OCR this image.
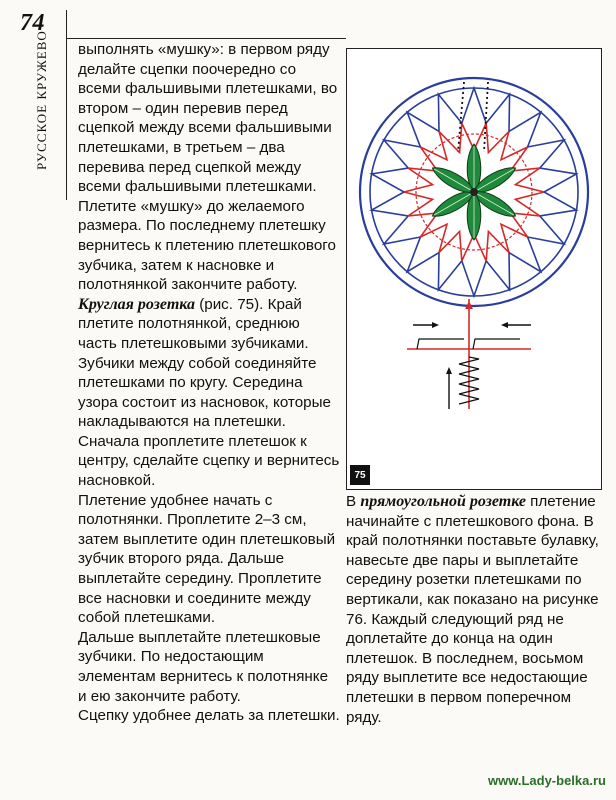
74
РУССКОЕ КРУЖЕВО выполнять «мушку»: в первом ряду делайте сцепки поочередно со всеми фальшивыми плетешками, во втором – один перевив перед сцепкой между всеми фальшивыми плетешками, в третьем – два перевива перед сцепкой между всеми фальшивыми плетешками. Плетите «мушку» до желаемого размера. По последнему плетешку вернитесь к плетению плетешкового зубчика, затем к насновке и полотнянкой закончите работу.

Круглая розетка (рис. 75). Край плетите полотнянкой, среднюю часть плетешковыми зубчиками. Зубчики между собой соединяйте плетешками по кругу. Середина узора состоит из насновок, которые накладываются на плетешки. Сначала проплетите плетешок к центру, сделайте сцепку и вернитесь насновкой.

Плетение удобнее начать с полотнянки. Проплетите 2–3 см, затем выплетите один плетешковый зубчик второго ряда. Дальше выплетайте середину. Проплетите все насновки и соедините между собой плетешками.

Дальше выплетайте плетешковые зубчики. По недостающим элементам вернитесь к полотнянке и ею закончите работу.

Сцепку удобнее делать за плетешки.

75

В прямоугольной розетке плетение начинайте с плетешкового фона. В край полотнянки поставьте булавку, навесьте две пары и выплетайте середину розетки плетешками по вертикали, как показано на рисунке 76. Каждый следующий ряд не доплетайте до конца на один плетешок. В последнем, восьмом ряду выплетите все недостающие плетешки в первом поперечном ряду.

www.Lady-belka.ru
